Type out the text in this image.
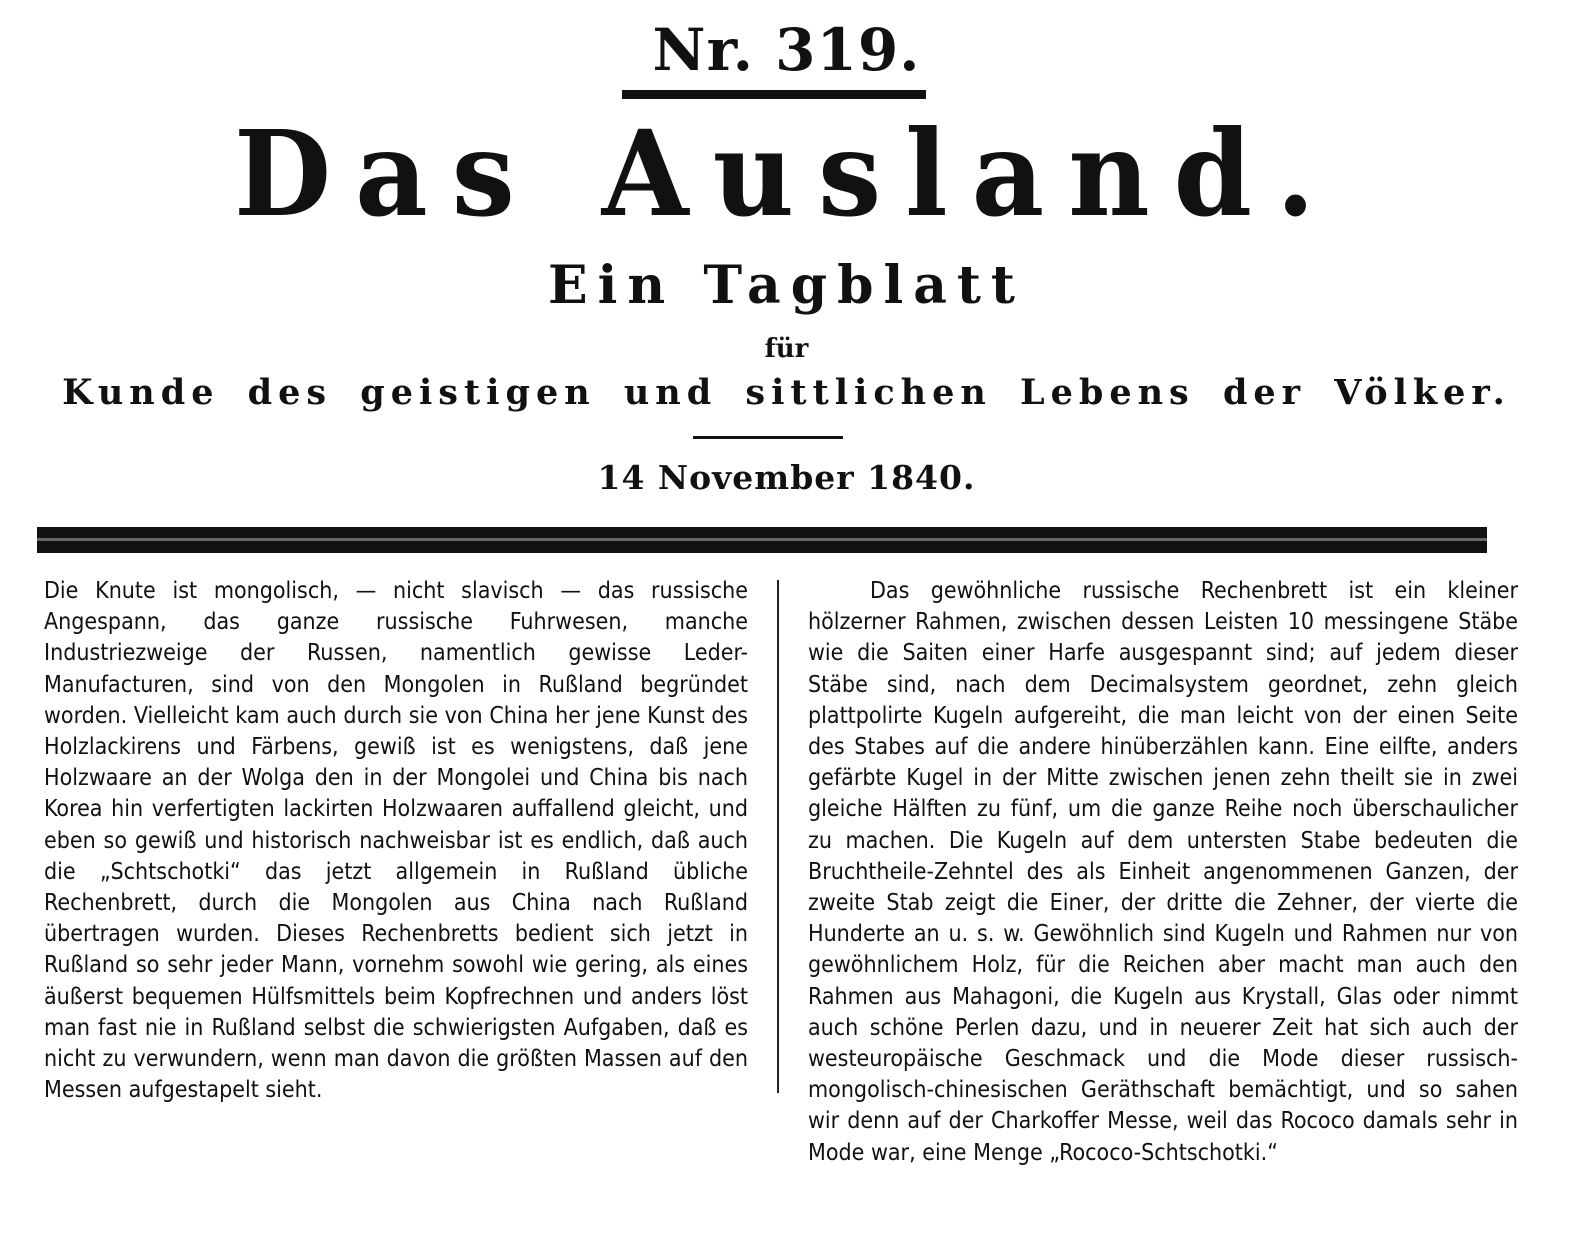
Nr. 319.
Das Ausland.
Ein Tagblatt
für
Kunde des geistigen und sittlichen Lebens der Völker.
14 November 1840.
Die Knute ist mongolisch, — nicht slavisch — das russische Angespann, das ganze russische Fuhrwesen, manche Industriezweige der Russen, namentlich gewisse Leder-Manufacturen, sind von den Mongolen in Rußland begründet worden. Vielleicht kam auch durch sie von China her jene Kunst des Holzlackirens und Färbens, gewiß ist es wenigstens, daß jene Holzwaare an der Wolga den in der Mongolei und China bis nach Korea hin verfertigten lackirten Holzwaaren auffallend gleicht, und eben so gewiß und historisch nachweisbar ist es endlich, daß auch die „Schtschotki“ das jetzt allgemein in Rußland übliche Rechenbrett, durch die Mongolen aus China nach Rußland übertragen wurden. Dieses Rechenbretts bedient sich jetzt in Rußland so sehr jeder Mann, vornehm sowohl wie gering, als eines äußerst bequemen Hülfsmittels beim Kopfrechnen und anders löst man fast nie in Rußland selbst die schwierigsten Aufgaben, daß es nicht zu verwundern, wenn man davon die größten Massen auf den Messen aufgestapelt sieht.
Das gewöhnliche russische Rechenbrett ist ein kleiner hölzerner Rahmen, zwischen dessen Leisten 10 messingene Stäbe wie die Saiten einer Harfe ausgespannt sind; auf jedem dieser Stäbe sind, nach dem Decimalsystem geordnet, zehn gleich plattpolirte Kugeln aufgereiht, die man leicht von der einen Seite des Stabes auf die andere hinüberzählen kann. Eine eilfte, anders gefärbte Kugel in der Mitte zwischen jenen zehn theilt sie in zwei gleiche Hälften zu fünf, um die ganze Reihe noch überschaulicher zu machen. Die Kugeln auf dem untersten Stabe bedeuten die Bruchtheile-Zehntel des als Einheit angenommenen Ganzen, der zweite Stab zeigt die Einer, der dritte die Zehner, der vierte die Hunderte an u. s. w. Gewöhnlich sind Kugeln und Rahmen nur von gewöhnlichem Holz, für die Reichen aber macht man auch den Rahmen aus Mahagoni, die Kugeln aus Krystall, Glas oder nimmt auch schöne Perlen dazu, und in neuerer Zeit hat sich auch der westeuropäische Geschmack und die Mode dieser russisch-mongolisch-chinesischen Geräthschaft bemächtigt, und so sahen wir denn auf der Charkoffer Messe, weil das Rococo damals sehr in Mode war, eine Menge „Rococo-Schtschotki.“
